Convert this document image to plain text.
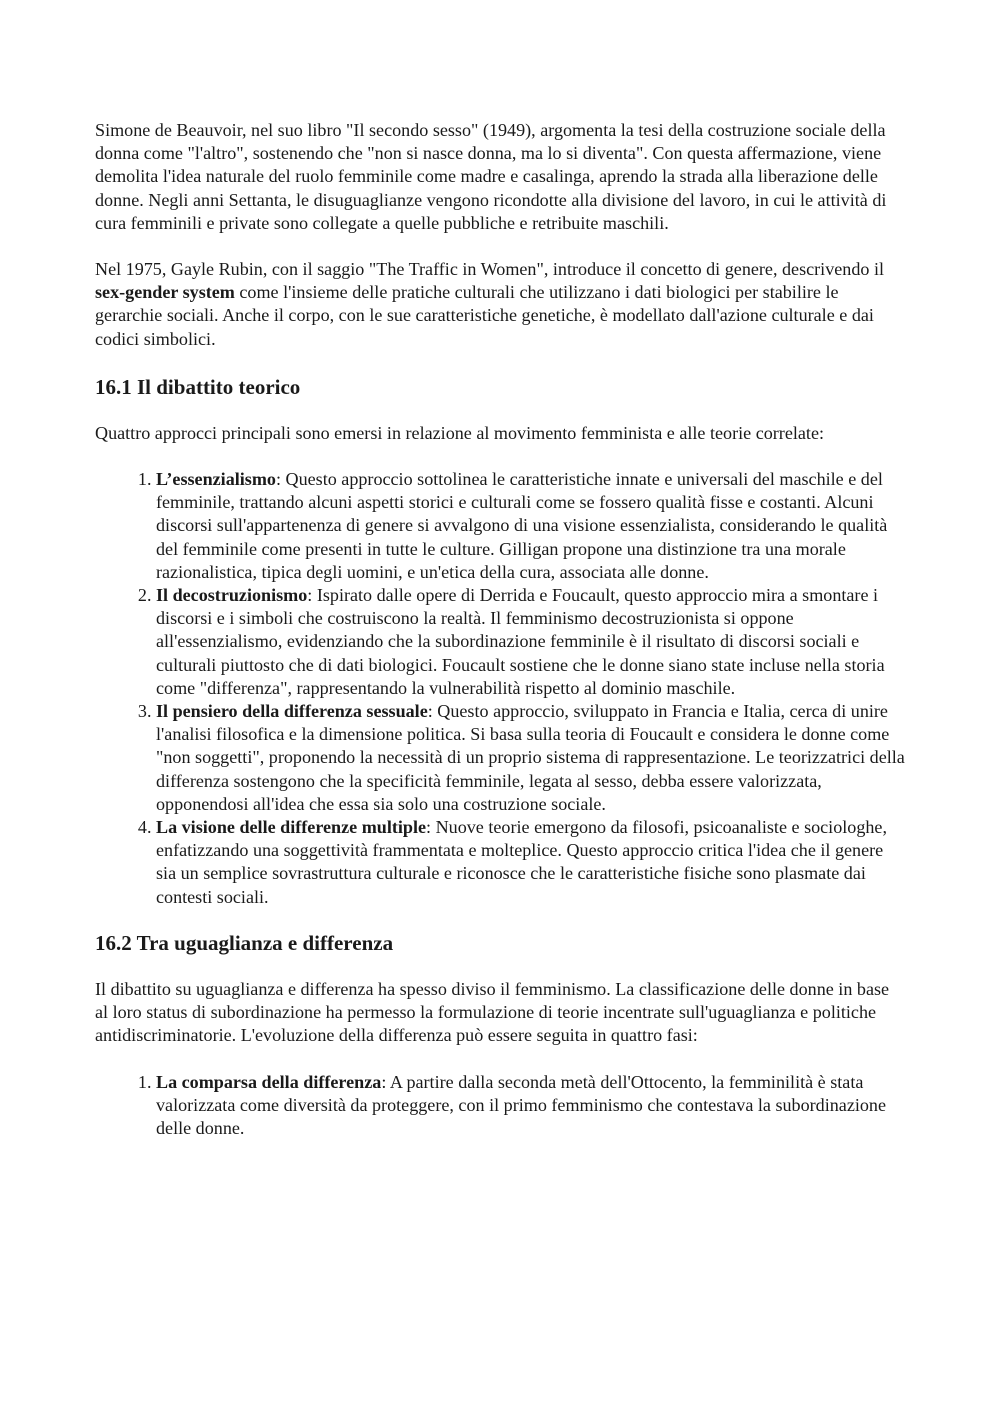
Simone de Beauvoir, nel suo libro "Il secondo sesso" (1949), argomenta la tesi della costruzione sociale della donna come "l'altro", sostenendo che "non si nasce donna, ma lo si diventa". Con questa affermazione, viene demolita l'idea naturale del ruolo femminile come madre e casalinga, aprendo la strada alla liberazione delle donne. Negli anni Settanta, le disuguaglianze vengono ricondotte alla divisione del lavoro, in cui le attività di cura femminili e private sono collegate a quelle pubbliche e retribuite maschili.

Nel 1975, Gayle Rubin, con il saggio "The Traffic in Women", introduce il concetto di genere, descrivendo il sex-gender system come l'insieme delle pratiche culturali che utilizzano i dati biologici per stabilire le gerarchie sociali. Anche il corpo, con le sue caratteristiche genetiche, è modellato dall'azione culturale e dai codici simbolici.

16.1 Il dibattito teorico

Quattro approcci principali sono emersi in relazione al movimento femminista e alle teorie correlate:

1. L’essenzialismo: Questo approccio sottolinea le caratteristiche innate e universali del maschile e del femminile, trattando alcuni aspetti storici e culturali come se fossero qualità fisse e costanti. Alcuni discorsi sull'appartenenza di genere si avvalgono di una visione essenzialista, considerando le qualità del femminile come presenti in tutte le culture. Gilligan propone una distinzione tra una morale razionalistica, tipica degli uomini, e un'etica della cura, associata alle donne.
2. Il decostruzionismo: Ispirato dalle opere di Derrida e Foucault, questo approccio mira a smontare i discorsi e i simboli che costruiscono la realtà. Il femminismo decostruzionista si oppone all'essenzialismo, evidenziando che la subordinazione femminile è il risultato di discorsi sociali e culturali piuttosto che di dati biologici. Foucault sostiene che le donne siano state incluse nella storia come "differenza", rappresentando la vulnerabilità rispetto al dominio maschile.
3. Il pensiero della differenza sessuale: Questo approccio, sviluppato in Francia e Italia, cerca di unire l'analisi filosofica e la dimensione politica. Si basa sulla teoria di Foucault e considera le donne come "non soggetti", proponendo la necessità di un proprio sistema di rappresentazione. Le teorizzatrici della differenza sostengono che la specificità femminile, legata al sesso, debba essere valorizzata, opponendosi all'idea che essa sia solo una costruzione sociale.
4. La visione delle differenze multiple: Nuove teorie emergono da filosofi, psicoanaliste e sociologhe, enfatizzando una soggettività frammentata e molteplice. Questo approccio critica l'idea che il genere sia un semplice sovrastruttura culturale e riconosce che le caratteristiche fisiche sono plasmate dai contesti sociali.
16.2 Tra uguaglianza e differenza

Il dibattito su uguaglianza e differenza ha spesso diviso il femminismo. La classificazione delle donne in base al loro status di subordinazione ha permesso la formulazione di teorie incentrate sull'uguaglianza e politiche antidiscriminatorie. L'evoluzione della differenza può essere seguita in quattro fasi:

1. La comparsa della differenza: A partire dalla seconda metà dell'Ottocento, la femminilità è stata valorizzata come diversità da proteggere, con il primo femminismo che contestava la subordinazione delle donne.
